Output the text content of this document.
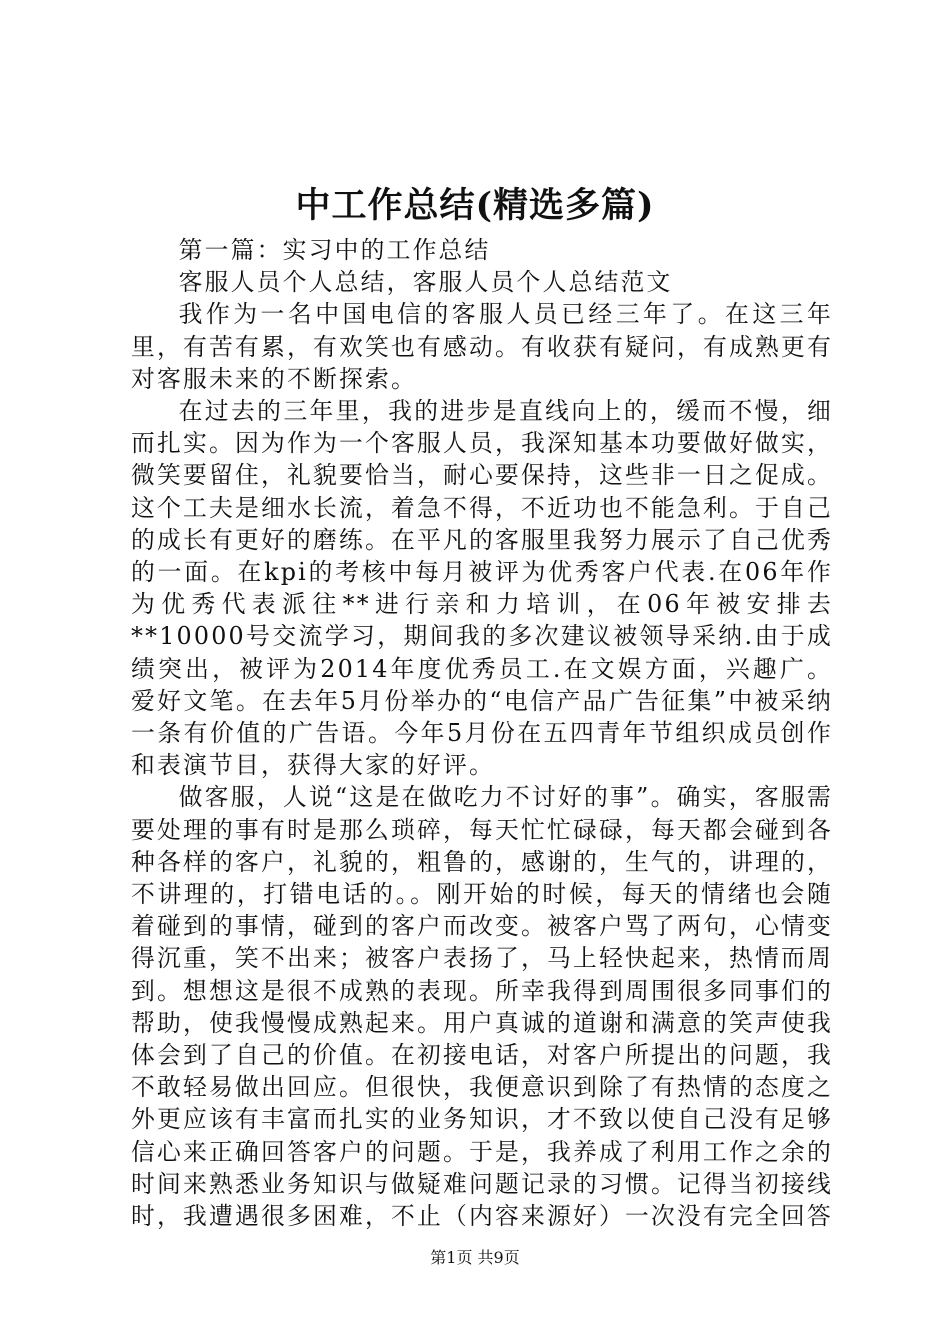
中工作总结(精选多篇)

第一篇：实习中的工作总结

客服人员个人总结，客服人员个人总结范文

我作为一名中国电信的客服人员已经三年了。在这三年里，有苦有累，有欢笑也有感动。有收获有疑问，有成熟更有对客服未来的不断探索。

在过去的三年里，我的进步是直线向上的，缓而不慢，细而扎实。因为作为一个客服人员，我深知基本功要做好做实，微笑要留住，礼貌要恰当，耐心要保持，这些非一日之促成。这个工夫是细水长流，着急不得，不近功也不能急利。于自己的成长有更好的磨练。在平凡的客服里我努力展示了自己优秀的一面。在kpi的考核中每月被评为优秀客户代表.在06年作为优秀代表派往**进行亲和力培训，在06年被安排去**10000号交流学习，期间我的多次建议被领导采纳.由于成绩突出，被评为2014年度优秀员工.在文娱方面，兴趣广。爱好文笔。在去年5月份举办的“电信产品广告征集”中被采纳一条有价值的广告语。今年5月份在五四青年节组织成员创作和表演节目，获得大家的好评。

做客服，人说“这是在做吃力不讨好的事”。确实，客服需要处理的事有时是那么琐碎，每天忙忙碌碌，每天都会碰到各种各样的客户，礼貌的，粗鲁的，感谢的，生气的，讲理的，不讲理的，打错电话的。。刚开始的时候，每天的情绪也会随着碰到的事情，碰到的客户而改变。被客户骂了两句，心情变得沉重，笑不出来；被客户表扬了，马上轻快起来，热情而周到。想想这是很不成熟的表现。所幸我得到周围很多同事们的帮助，使我慢慢成熟起来。用户真诚的道谢和满意的笑声使我体会到了自己的价值。在初接电话，对客户所提出的问题，我不敢轻易做出回应。但很快，我便意识到除了有热情的态度之外更应该有丰富而扎实的业务知识，才不致以使自己没有足够信心来正确回答客户的问题。于是，我养成了利用工作之余的时间来熟悉业务知识与做疑难问题记录的习惯。记得当初接线时，我遭遇很多困难，不止（内容来源好）一次没有完全回答

第1页 共9页
